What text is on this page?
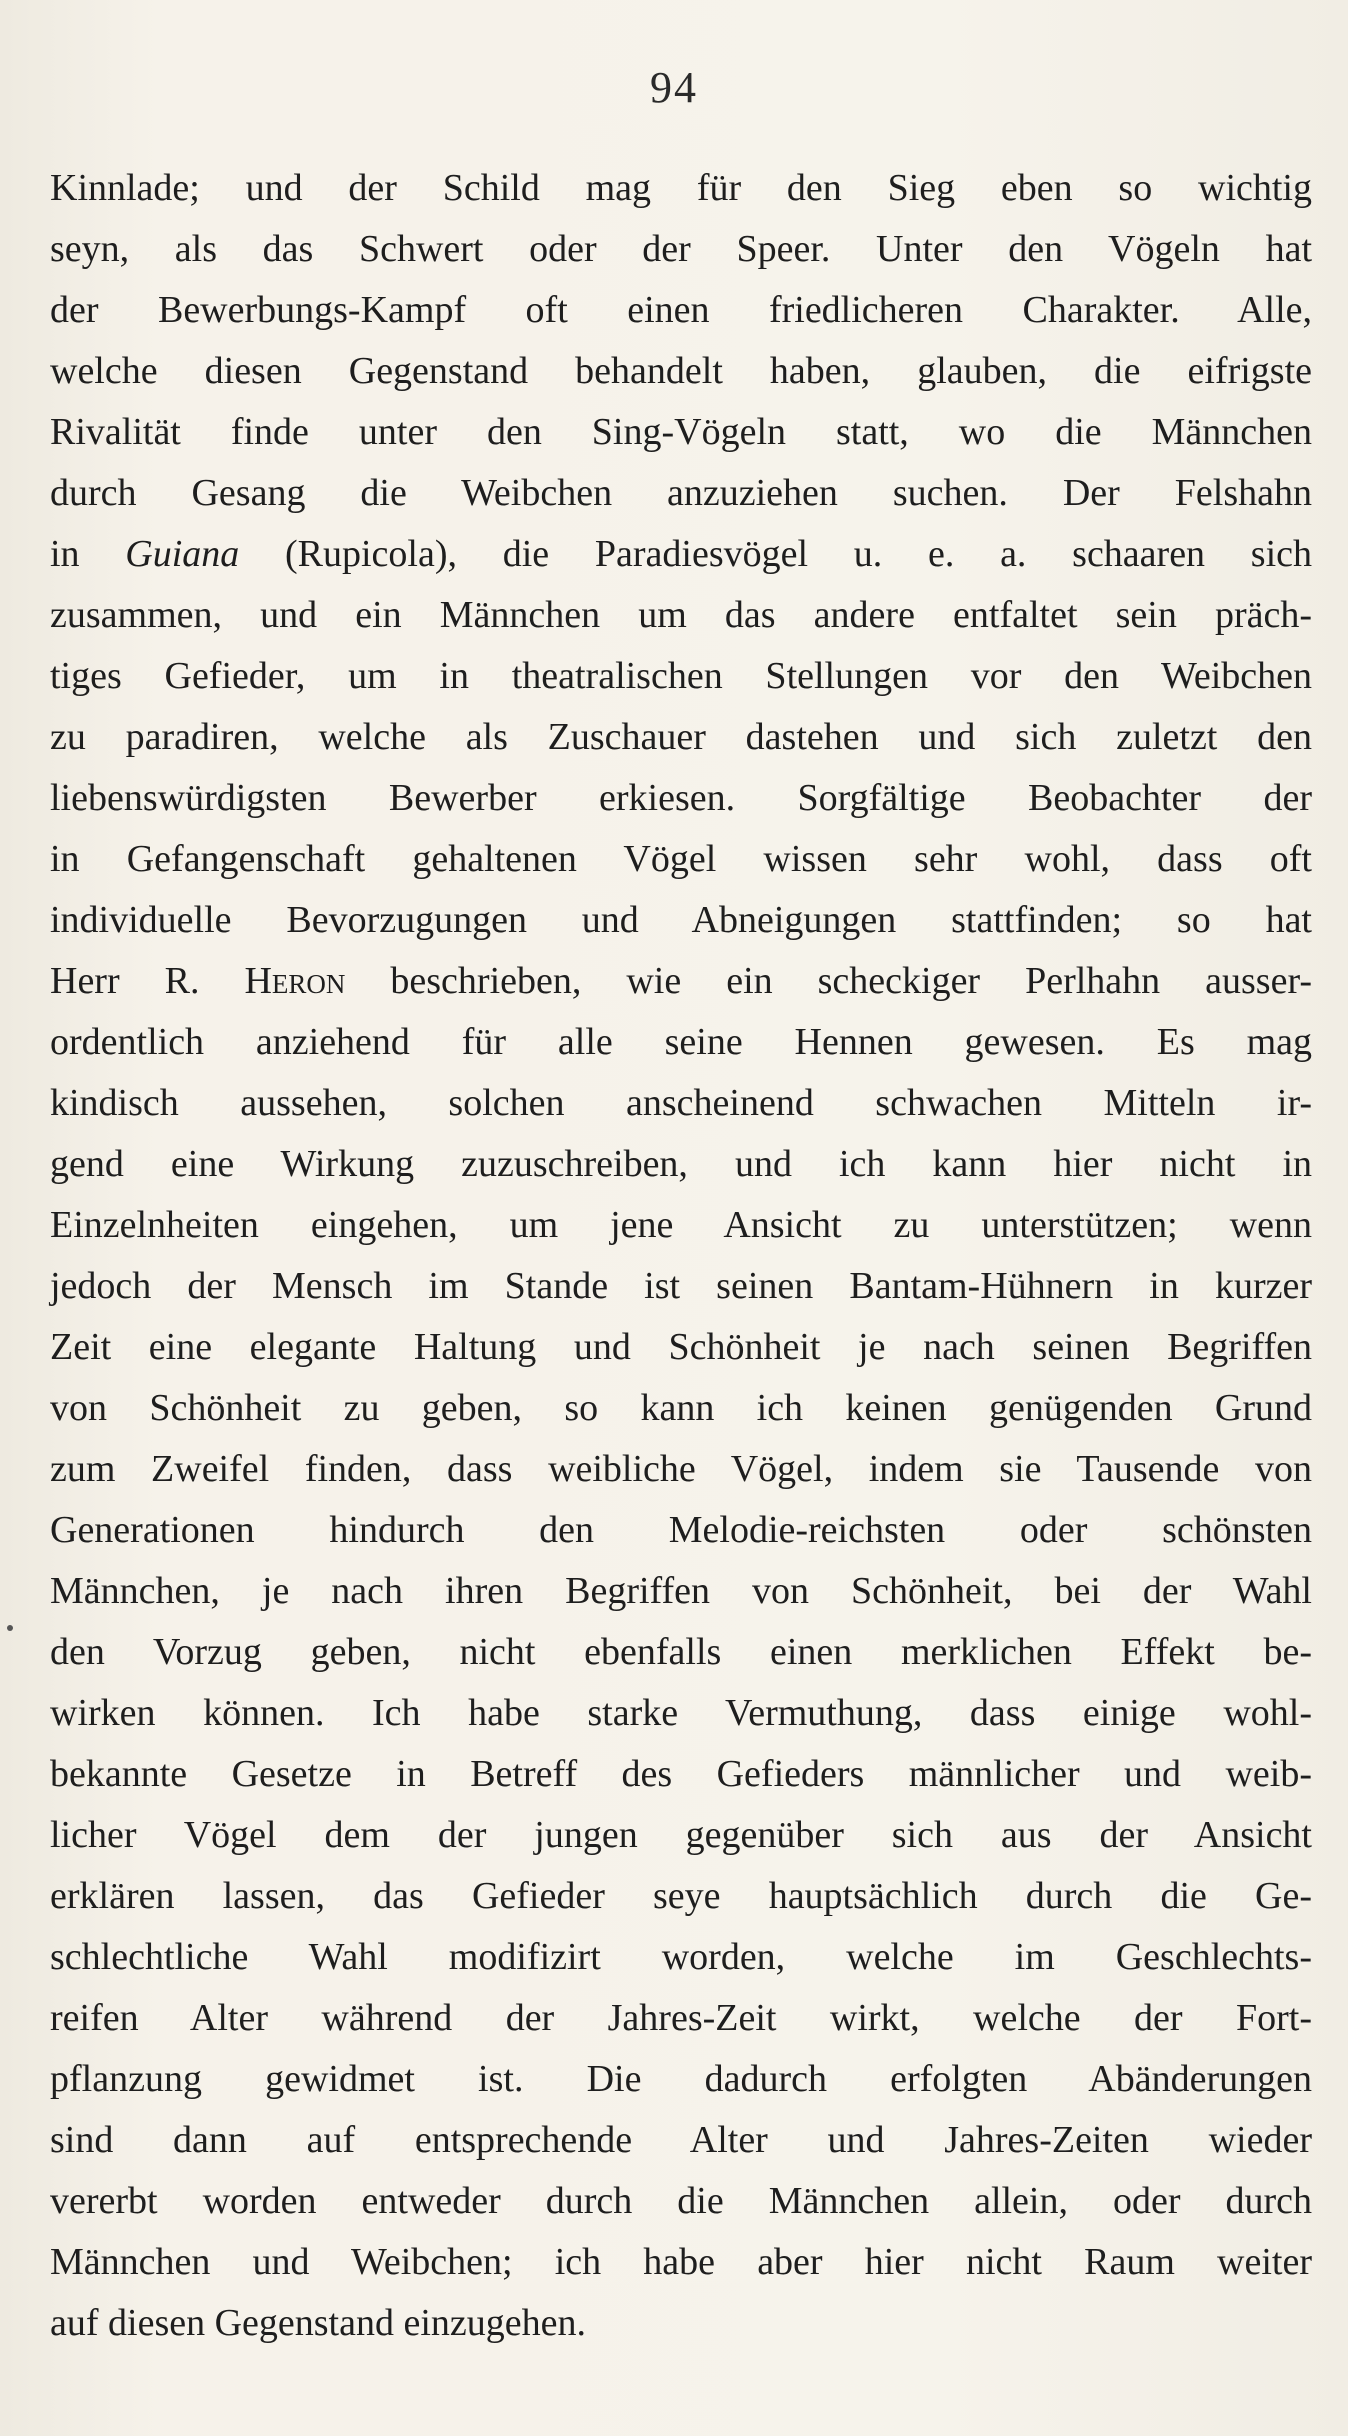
94
Kinnlade; und der Schild mag für den Sieg eben so wichtig
seyn, als das Schwert oder der Speer. Unter den Vögeln hat
der Bewerbungs-Kampf oft einen friedlicheren Charakter. Alle,
welche diesen Gegenstand behandelt haben, glauben, die eifrigste
Rivalität finde unter den Sing-Vögeln statt, wo die Männchen
durch Gesang die Weibchen anzuziehen suchen. Der Felshahn
in Guiana (Rupicola), die Paradiesvögel u. e. a. schaaren sich
zusammen, und ein Männchen um das andere entfaltet sein präch-
tiges Gefieder, um in theatralischen Stellungen vor den Weibchen
zu paradiren, welche als Zuschauer dastehen und sich zuletzt den
liebenswürdigsten Bewerber erkiesen. Sorgfältige Beobachter der
in Gefangenschaft gehaltenen Vögel wissen sehr wohl, dass oft
individuelle Bevorzugungen und Abneigungen stattfinden; so hat
Herr R. Heron beschrieben, wie ein scheckiger Perlhahn ausser-
ordentlich anziehend für alle seine Hennen gewesen. Es mag
kindisch aussehen, solchen anscheinend schwachen Mitteln ir-
gend eine Wirkung zuzuschreiben, und ich kann hier nicht in
Einzelnheiten eingehen, um jene Ansicht zu unterstützen; wenn
jedoch der Mensch im Stande ist seinen Bantam-Hühnern in kurzer
Zeit eine elegante Haltung und Schönheit je nach seinen Begriffen
von Schönheit zu geben, so kann ich keinen genügenden Grund
zum Zweifel finden, dass weibliche Vögel, indem sie Tausende von
Generationen hindurch den Melodie-reichsten oder schönsten
Männchen, je nach ihren Begriffen von Schönheit, bei der Wahl
den Vorzug geben, nicht ebenfalls einen merklichen Effekt be-
wirken können. Ich habe starke Vermuthung, dass einige wohl-
bekannte Gesetze in Betreff des Gefieders männlicher und weib-
licher Vögel dem der jungen gegenüber sich aus der Ansicht
erklären lassen, das Gefieder seye hauptsächlich durch die Ge-
schlechtliche Wahl modifizirt worden, welche im Geschlechts-
reifen Alter während der Jahres-Zeit wirkt, welche der Fort-
pflanzung gewidmet ist. Die dadurch erfolgten Abänderungen
sind dann auf entsprechende Alter und Jahres-Zeiten wieder
vererbt worden entweder durch die Männchen allein, oder durch
Männchen und Weibchen; ich habe aber hier nicht Raum weiter
auf diesen Gegenstand einzugehen.
